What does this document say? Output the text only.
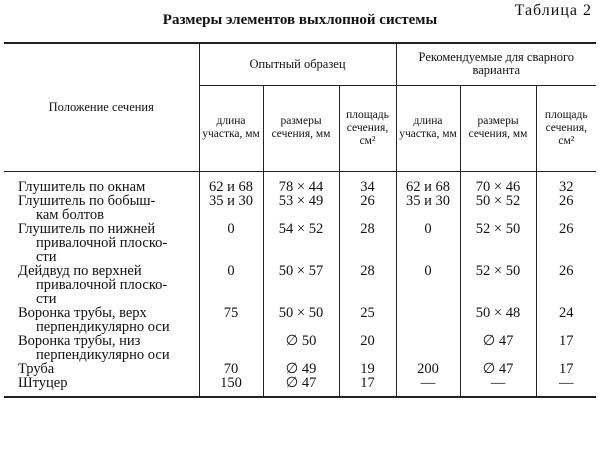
Таблица 2
Размеры элементов выхлопной системы
Положение сечения	Опытный образец			Рекомендуемые для сварного варианта		
	длина участка, мм	размеры сечения, мм	площадь сечения, см²	длина участка, мм	размеры сечения, мм	площадь сечения, см²

Глушитель по окнам	62 и 68	78 × 44	34	62 и 68	70 × 46	32

Глушитель по бобыш-
кам болтов	35 и 30	53 × 49	26	35 и 30	50 × 52	26

Глушитель по нижней
привалочной плоско-
сти	0	54 × 52	28	0	52 × 50	26

Дейдвуд по верхней
привалочной плоско-
сти	0	50 × 57	28	0	52 × 50	26

Воронка трубы, верх
перпендикулярно оси	75	50 × 50	25		50 × 48	24

Воронка трубы, низ
перпендикулярно оси		∅ 50	20		∅ 47	17

Труба	70	∅ 49	19	200	∅ 47	17

Штуцер	150	∅ 47	17	—	—	—
